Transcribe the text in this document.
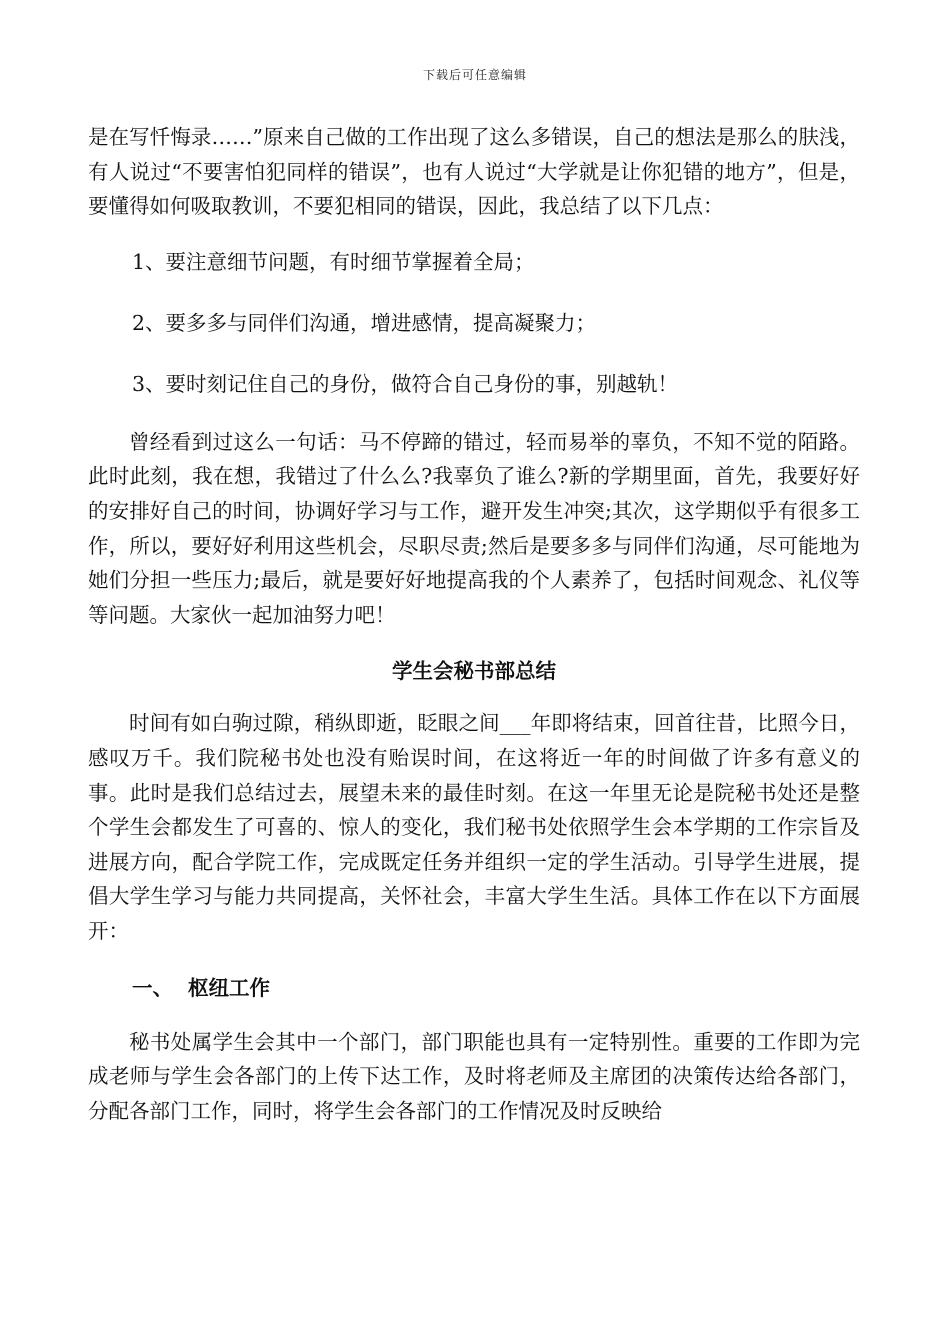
下载后可任意编辑

是在写忏悔录……”原来自己做的工作出现了这么多错误，自己的想法是那么的肤浅，有人说过“不要害怕犯同样的错误”，也有人说过“大学就是让你犯错的地方”，但是，要懂得如何吸取教训，不要犯相同的错误，因此，我总结了以下几点：

1、要注意细节问题，有时细节掌握着全局；

2、要多多与同伴们沟通，增进感情，提高凝聚力；

3、要时刻记住自己的身份，做符合自己身份的事，别越轨！

曾经看到过这么一句话：马不停蹄的错过，轻而易举的辜负，不知不觉的陌路。此时此刻，我在想，我错过了什么么?我辜负了谁么?新的学期里面，首先，我要好好的安排好自己的时间，协调好学习与工作，避开发生冲突;其次，这学期似乎有很多工作，所以，要好好利用这些机会，尽职尽责;然后是要多多与同伴们沟通，尽可能地为她们分担一些压力;最后，就是要好好地提高我的个人素养了，包括时间观念、礼仪等等问题。大家伙一起加油努力吧！

学生会秘书部总结

时间有如白驹过隙，稍纵即逝，眨眼之间___年即将结束，回首往昔，比照今日，感叹万千。我们院秘书处也没有贻误时间，在这将近一年的时间做了许多有意义的事。此时是我们总结过去，展望未来的最佳时刻。在这一年里无论是院秘书处还是整个学生会都发生了可喜的、惊人的变化，我们秘书处依照学生会本学期的工作宗旨及进展方向，配合学院工作，完成既定任务并组织一定的学生活动。引导学生进展，提倡大学生学习与能力共同提高，关怀社会，丰富大学生生活。具体工作在以下方面展开：

一、 枢纽工作

秘书处属学生会其中一个部门，部门职能也具有一定特别性。重要的工作即为完成老师与学生会各部门的上传下达工作，及时将老师及主席团的决策传达给各部门，分配各部门工作，同时，将学生会各部门的工作情况及时反映给
